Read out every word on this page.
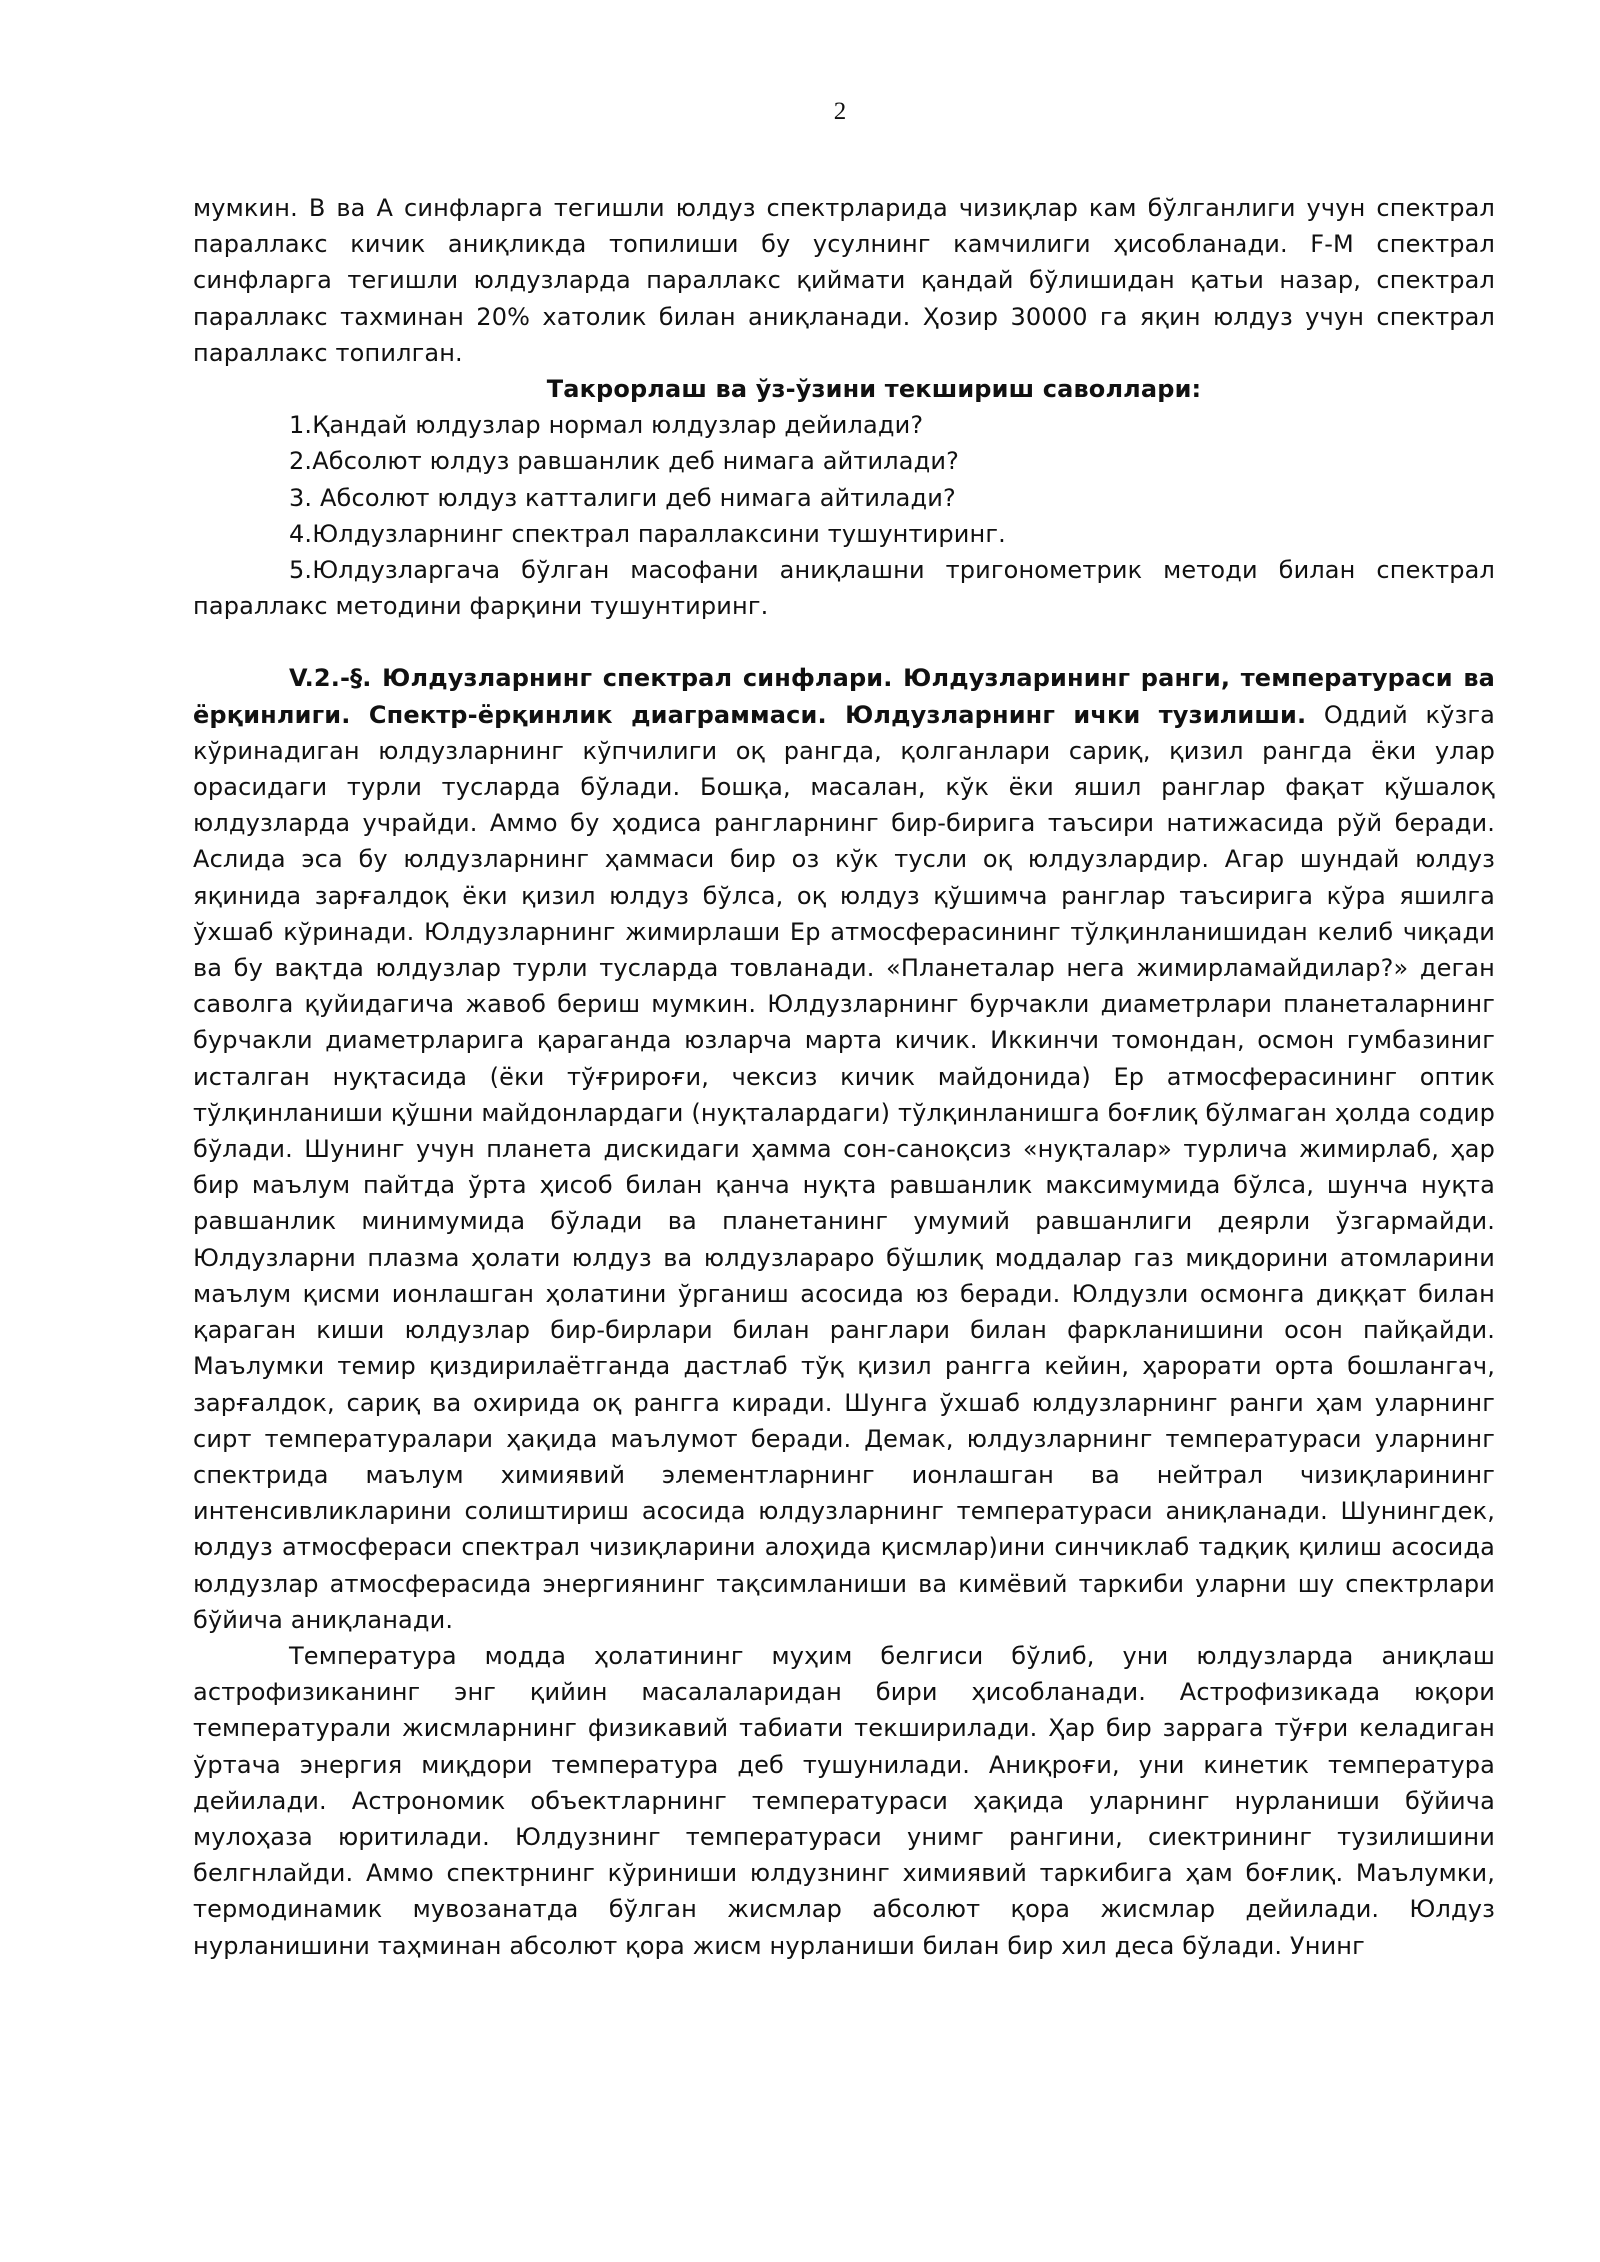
2

мумкин. В ва А синфларга тегишли юлдуз спектрларида чизиқлар кам бўлганлиги учун спектрал параллакс кичик аниқликда топилиши бу усулнинг камчилиги ҳисобланади. F-M спектрал синфларга тегишли юлдузларда параллакс қиймати қандай бўлишидан қатьи назар, спектрал параллакс тахминан 20% хатолик билан аниқланади. Ҳозир 30000 га яқин юлдуз учун спектрал параллакс топилган.

Такрорлаш ва ўз-ўзини текшириш саволлари:

1.Қандай юлдузлар нормал юлдузлар дейилади?

2.Абсолют юлдуз равшанлик деб нимага айтилади?

3. Абсолют юлдуз катталиги деб нимага айтилади?

4.Юлдузларнинг спектрал параллаксини тушунтиринг.

5.Юлдузларгача бўлган масофани аниқлашни тригонометрик методи билан спектрал параллакс методини фарқини тушунтиринг.

V.2.-§. Юлдузларнинг спектрал синфлари. Юлдузларининг ранги, температураси ва ёрқинлиги. Спектр-ёрқинлик диаграммаси. Юлдузларнинг ички тузилиши. Оддий кўзга кўринадиган юлдузларнинг кўпчилиги оқ рангда, қолганлари сариқ, қизил рангда ёки улар орасидаги турли тусларда бўлади. Бошқа, масалан, кўк ёки яшил ранглар фақат қўшалоқ юлдузларда учрайди. Аммо бу ҳодиса рангларнинг бир-бирига таъсири натижасида рўй беради. Аслида эса бу юлдузларнинг ҳаммаси бир оз кўк тусли оқ юлдузлардир. Агар шундай юлдуз яқинида зарғалдоқ ёки қизил юлдуз бўлса, оқ юлдуз қўшимча ранглар таъсирига кўра яшилга ўхшаб кўринади. Юлдузларнинг жимирлаши Ер атмосферасининг тўлқинланишидан келиб чиқади ва бу вақтда юлдузлар турли тусларда товланади. «Планеталар нега жимирламайдилар?» деган саволга қуйидагича жавоб бериш мумкин. Юлдузларнинг бурчакли диаметрлари планеталарнинг бурчакли диаметрларига қараганда юзларча марта кичик. Иккинчи томондан, осмон гумбазиниг исталган нуқтасида (ёки тўғрироғи, чексиз кичик майдонида) Ер атмосферасининг оптик тўлқинланиши қўшни майдонлардаги (нуқталардаги) тўлқинланишга боғлиқ бўлмаган ҳолда содир бўлади. Шунинг учун планета дискидаги ҳамма сон-саноқсиз «нуқталар» турлича жимирлаб, ҳар бир маълум пайтда ўрта ҳисоб билан қанча нуқта равшанлик максимумида бўлса, шунча нуқта равшанлик минимумида бўлади ва планетанинг умумий равшанлиги деярли ўзгармайди. Юлдузларни плазма ҳолати юлдуз ва юлдузлараро бўшлиқ моддалар газ миқдорини атомларини маълум қисми ионлашган ҳолатини ўрганиш асосида юз беради. Юлдузли осмонга диққат билан қараган киши юлдузлар бир-бирлари билан ранглари билан фаркланишини осон пайқайди. Маълумки темир қиздирилаётганда дастлаб тўқ қизил рангга кейин, ҳарорати орта бошлангач, зарғалдок, сариқ ва охирида оқ рангга киради. Шунга ўхшаб юлдузларнинг ранги ҳам уларнинг сирт температуралари ҳақида маълумот беради. Демак, юлдузларнинг температураси уларнинг спектрида маълум химиявий элементларнинг ионлашган ва нейтрал чизиқларининг интенсивликларини солиштириш асосида юлдузларнинг температураси аниқланади. Шунингдек, юлдуз атмосфераси спектрал чизиқларини алоҳида қисмлар)ини синчиклаб тадқиқ қилиш асосида юлдузлар атмосферасида энергиянинг тақсимланиши ва кимёвий таркиби уларни шу спектрлари бўйича аниқланади.

Температура модда ҳолатининг муҳим белгиси бўлиб, уни юлдузларда аниқлаш астрофизиканинг энг қийин масалаларидан бири ҳисобланади. Астрофизикада юқори температурали жисмларнинг физикавий табиати текширилади. Ҳар бир заррага тўғри келадиган ўртача энергия миқдори температура деб тушунилади. Аниқроғи, уни кинетик температура дейилади. Астрономик объектларнинг температураси ҳақида уларнинг нурланиши бўйича мулоҳаза юритилади. Юлдузнинг температураси унимг рангини, сиектрининг тузилишини белгнлайди. Аммо спектрнинг кўриниши юлдузнинг химиявий таркибига ҳам боғлиқ. Маълумки, термодинамик мувозанатда бўлган жисмлар абсолют қора жисмлар дейилади. Юлдуз нурланишини таҳминан абсолют қора жисм нурланиши билан бир хил деса бўлади. Унинг
